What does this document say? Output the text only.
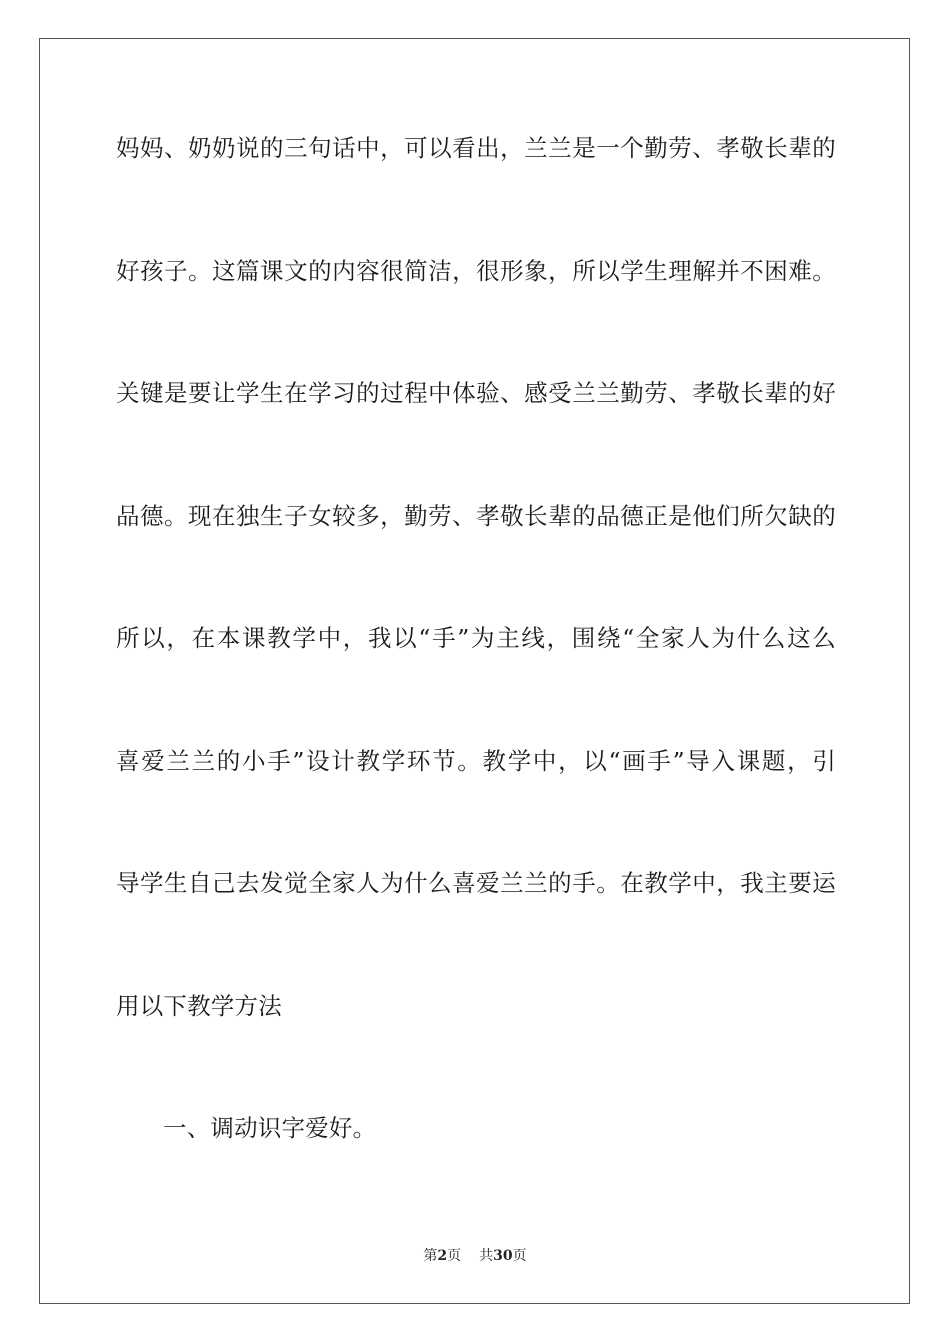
妈妈、奶奶说的三句话中，可以看出，兰兰是一个勤劳、孝敬长辈的
好孩子。这篇课文的内容很简洁，很形象，所以学生理解并不困难。
关键是要让学生在学习的过程中体验、感受兰兰勤劳、孝敬长辈的好
品德。现在独生子女较多，勤劳、孝敬长辈的品德正是他们所欠缺的
所以，在本课教学中，我以“手”为主线，围绕“全家人为什么这么
喜爱兰兰的小手”设计教学环节。教学中，以“画手”导入课题，引
导学生自己去发觉全家人为什么喜爱兰兰的手。在教学中，我主要运
用以下教学方法
一、调动识字爱好。
第2页 共30页
